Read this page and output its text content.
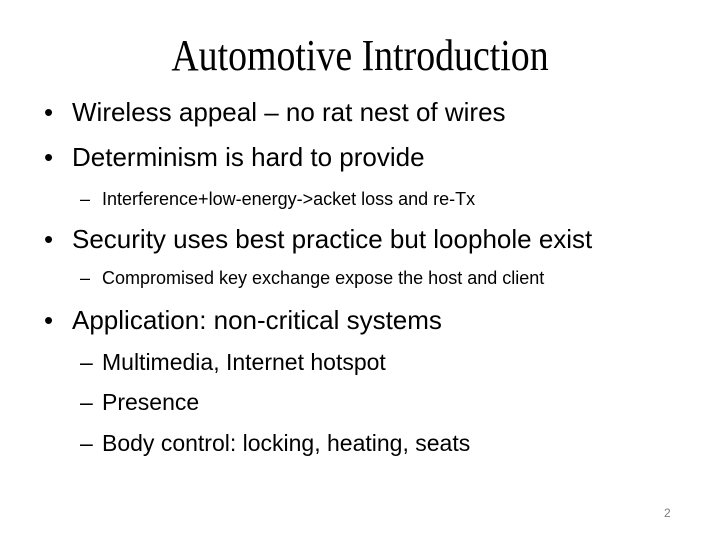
Automotive Introduction
• Wireless appeal – no rat nest of wires
• Determinism is hard to provide
– Interference+low-energy->acket loss and re-Tx
• Security uses best practice but loophole exist
– Compromised key exchange expose the host and client
• Application: non-critical systems
– Multimedia, Internet hotspot
– Presence
– Body control: locking, heating, seats
2
